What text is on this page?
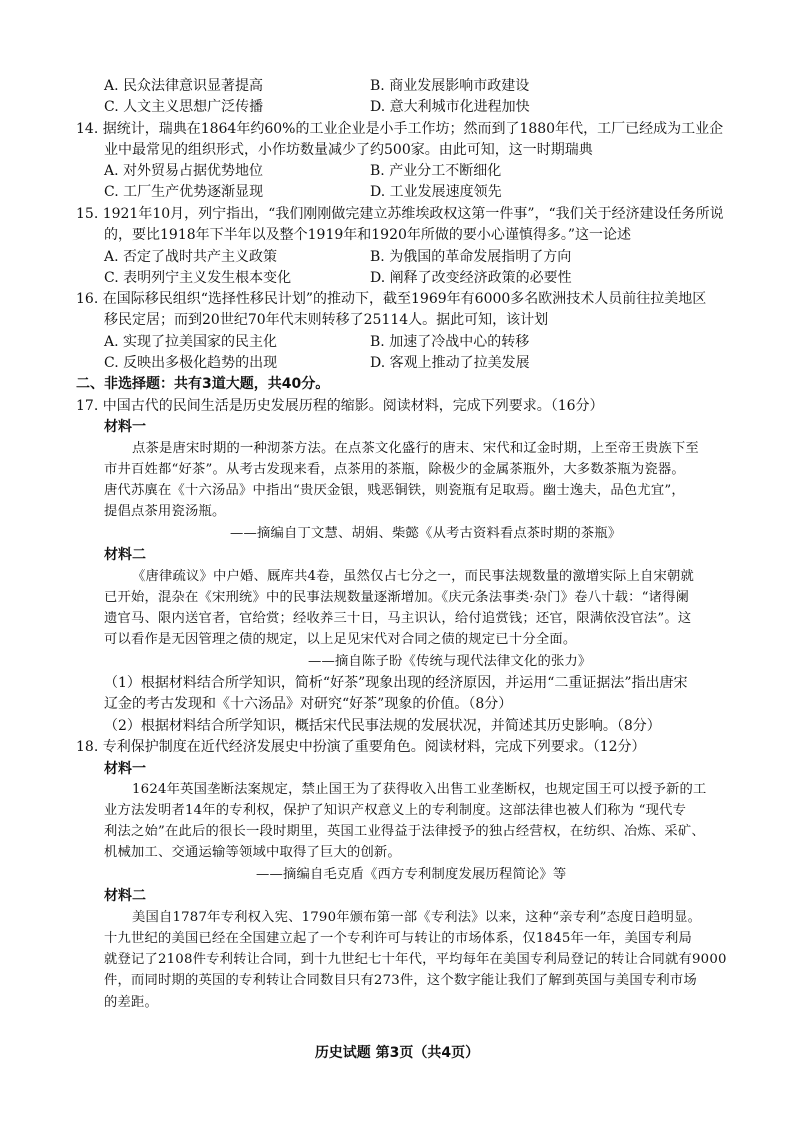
A. 民众法律意识显著提高	B. 商业发展影响市政建设
C. 人文主义思想广泛传播	D. 意大利城市化进程加快
14. 据统计，瑞典在1864年约60%的工业企业是小手工作坊；然而到了1880年代，工厂已经成为工业企
业中最常见的组织形式，小作坊数量减少了约500家。由此可知，这一时期瑞典
A. 对外贸易占据优势地位	B. 产业分工不断细化
C. 工厂生产优势逐渐显现	D. 工业发展速度领先
15. 1921年10月，列宁指出，“我们刚刚做完建立苏维埃政权这第一件事”，“我们关于经济建设任务所说
的，要比1918年下半年以及整个1919年和1920年所做的要小心谨慎得多。”这一论述
A. 否定了战时共产主义政策	B. 为俄国的革命发展指明了方向
C. 表明列宁主义发生根本变化	D. 阐释了改变经济政策的必要性
16. 在国际移民组织“选择性移民计划”的推动下，截至1969年有6000多名欧洲技术人员前往拉美地区
移民定居；而到20世纪70年代末则转移了25114人。据此可知，该计划
A. 实现了拉美国家的民主化	B. 加速了冷战中心的转移
C. 反映出多极化趋势的出现	D. 客观上推动了拉美发展
二、非选择题：共有3道大题，共40分。
17. 中国古代的民间生活是历史发展历程的缩影。阅读材料，完成下列要求。（16分）
材料一
点茶是唐宋时期的一种沏茶方法。在点茶文化盛行的唐末、宋代和辽金时期，上至帝王贵族下至
市井百姓都“好茶”。从考古发现来看，点茶用的茶瓶，除极少的金属茶瓶外，大多数茶瓶为瓷器。
唐代苏廙在《十六汤品》中指出“贵厌金银，贱恶铜铁，则瓷瓶有足取焉。幽士逸夫，品色尤宜”，
提倡点茶用瓷汤瓶。
——摘编自丁文慧、胡娟、柴懿《从考古资料看点茶时期的茶瓶》
材料二
《唐律疏议》中户婚、厩库共4卷，虽然仅占七分之一，而民事法规数量的激增实际上自宋朝就
已开始，混杂在《宋刑统》中的民事法规数量逐渐增加。《庆元条法事类·杂门》卷八十载：“诸得阑
遗官马、限内送官者，官给赏；经收养三十日，马主识认，给付追赏钱；还官，限满依没官法”。这
可以看作是无因管理之债的规定，以上足见宋代对合同之债的规定已十分全面。
——摘自陈子盼《传统与现代法律文化的张力》
（1）根据材料结合所学知识，简析“好茶”现象出现的经济原因，并运用“二重证据法”指出唐宋
辽金的考古发现和《十六汤品》对研究“好茶”现象的价值。（8分）
（2）根据材料结合所学知识，概括宋代民事法规的发展状况，并简述其历史影响。（8分）
18. 专利保护制度在近代经济发展史中扮演了重要角色。阅读材料，完成下列要求。（12分）
材料一
1624年英国垄断法案规定，禁止国王为了获得收入出售工业垄断权，也规定国王可以授予新的工
业方法发明者14年的专利权，保护了知识产权意义上的专利制度。这部法律也被人们称为 “现代专
利法之始”在此后的很长一段时期里，英国工业得益于法律授予的独占经营权，在纺织、冶炼、采矿、
机械加工、交通运输等领域中取得了巨大的创新。
——摘编自毛克盾《西方专利制度发展历程简论》等
材料二
美国自1787年专利权入宪、1790年颁布第一部《专利法》以来，这种“亲专利”态度日趋明显。
十九世纪的美国已经在全国建立起了一个专利许可与转让的市场体系，仅1845年一年，美国专利局
就登记了2108件专利转让合同，到十九世纪七十年代，平均每年在美国专利局登记的转让合同就有9000
件，而同时期的英国的专利转让合同数目只有273件，这个数字能让我们了解到英国与美国专利市场
的差距。
历史试题 第3页（共4页）
